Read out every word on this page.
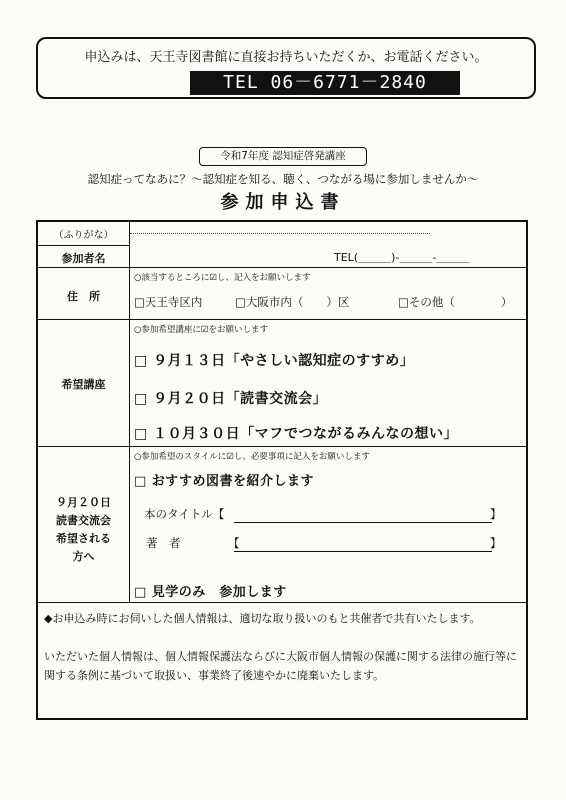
申込みは、天王寺図書館に直接お持ちいただくか、お電話ください。
TEL 06－6771－2840
令和7年度 認知症啓発講座
認知症ってなあに？～認知症を知る、聴く、つながる場に参加しませんか～
参加申込書
（ふりがな）
参加者名	TEL(＿＿＿)-＿＿＿-＿＿＿
住　所
○該当するところに☑し、記入をお願いします
□天王寺区内	□大阪市内（　　）区	□その他（　　　　）
希望講座
○参加希望講座に☑をお願いします
□ ９月１３日「やさしい認知症のすすめ」
□ ９月２０日「読書交流会」
□ １０月３０日「マフでつながるみんなの想い」
９月２０日
読書交流会
希望される
方へ
○参加希望のスタイルに☑し、必要事項に記入をお願いします
□ おすすめ図書を紹介します
本のタイトル【	】
著　者	【	】
□ 見学のみ　参加します
◆お申込み時にお伺いした個人情報は、適切な取り扱いのもと共催者で共有いたします。
いただいた個人情報は、個人情報保護法ならびに大阪市個人情報の保護に関する法律の施行等に関する条例に基づいて取扱い、事業終了後速やかに廃棄いたします。
